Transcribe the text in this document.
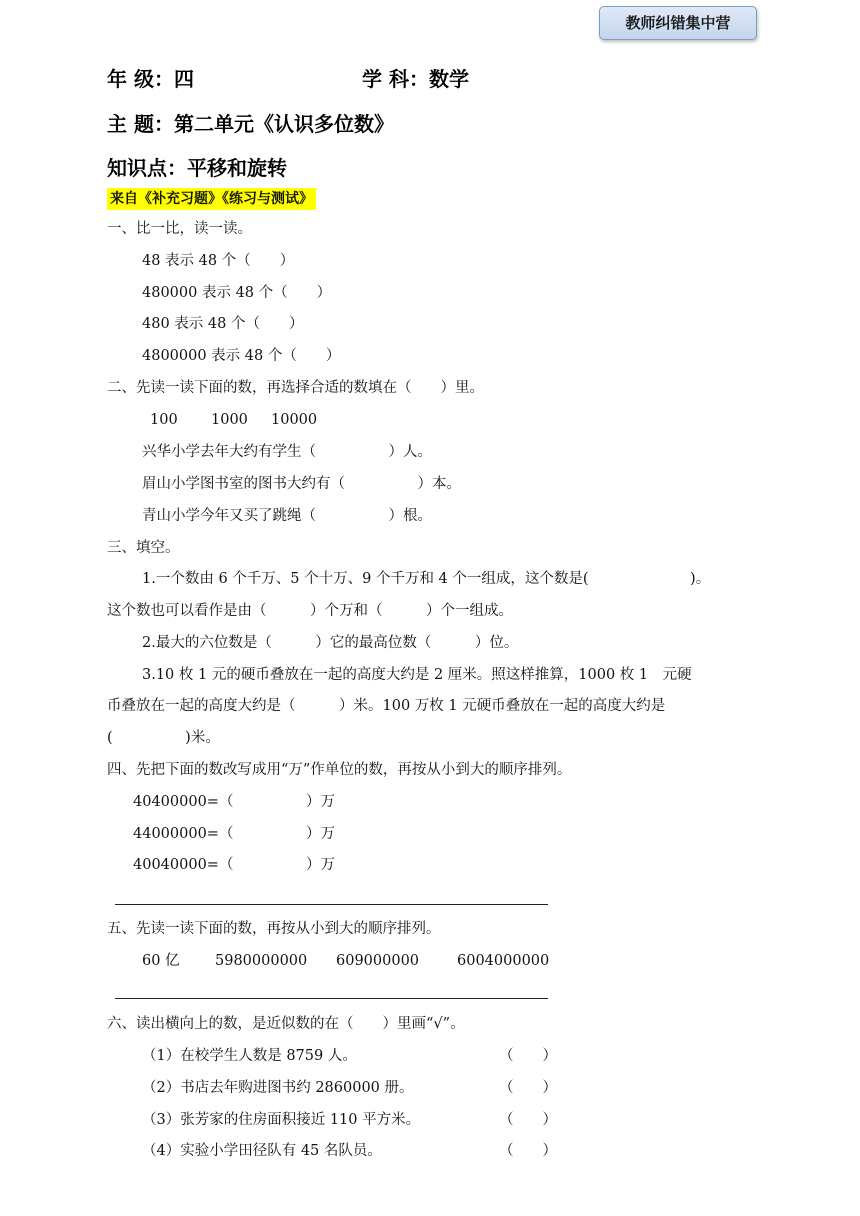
教师纠错集中营
年 级：四	学 科：数学
主 题：第二单元《认识多位数》
知识点：平移和旋转
来自《补充习题》《练习与测试》
一、比一比，读一读。
48 表示 48 个（　　）
480000 表示 48 个（　　）
480 表示 48 个（　　）
4800000 表示 48 个（　　）
二、先读一读下面的数，再选择合适的数填在（　　）里。
100 1000 10000
兴华小学去年大约有学生（　　　　　）人。
眉山小学图书室的图书大约有（　　　　　）本。
青山小学今年又买了跳绳（　　　　　）根。
三、填空。
1.一个数由 6 个千万、5 个十万、9 个千万和 4 个一组成，这个数是(　　　　　　　)。
这个数也可以看作是由（　　　）个万和（　　　）个一组成。
2.最大的六位数是（　　　）它的最高位数（　　　）位。
3.10 枚 1 元的硬币叠放在一起的高度大约是 2 厘米。照这样推算，1000 枚 1　元硬
币叠放在一起的高度大约是（　　　）米。100 万枚 1 元硬币叠放在一起的高度大约是
(　　　　　)米。
四、先把下面的数改写成用“万”作单位的数，再按从小到大的顺序排列。
40400000=（　　　　　）万
44000000=（　　　　　）万
40040000=（　　　　　）万
五、先读一读下面的数，再按从小到大的顺序排列。
60 亿 5980000000 609000000	6004000000
六、读出横向上的数，是近似数的在（　　）里画“√”。
（1）在校学生人数是 8759 人。	（　　）
（2）书店去年购进图书约 2860000 册。	（　　）
（3）张芳家的住房面积接近 110 平方米。	（　　）
（4）实验小学田径队有 45 名队员。	（　　）
